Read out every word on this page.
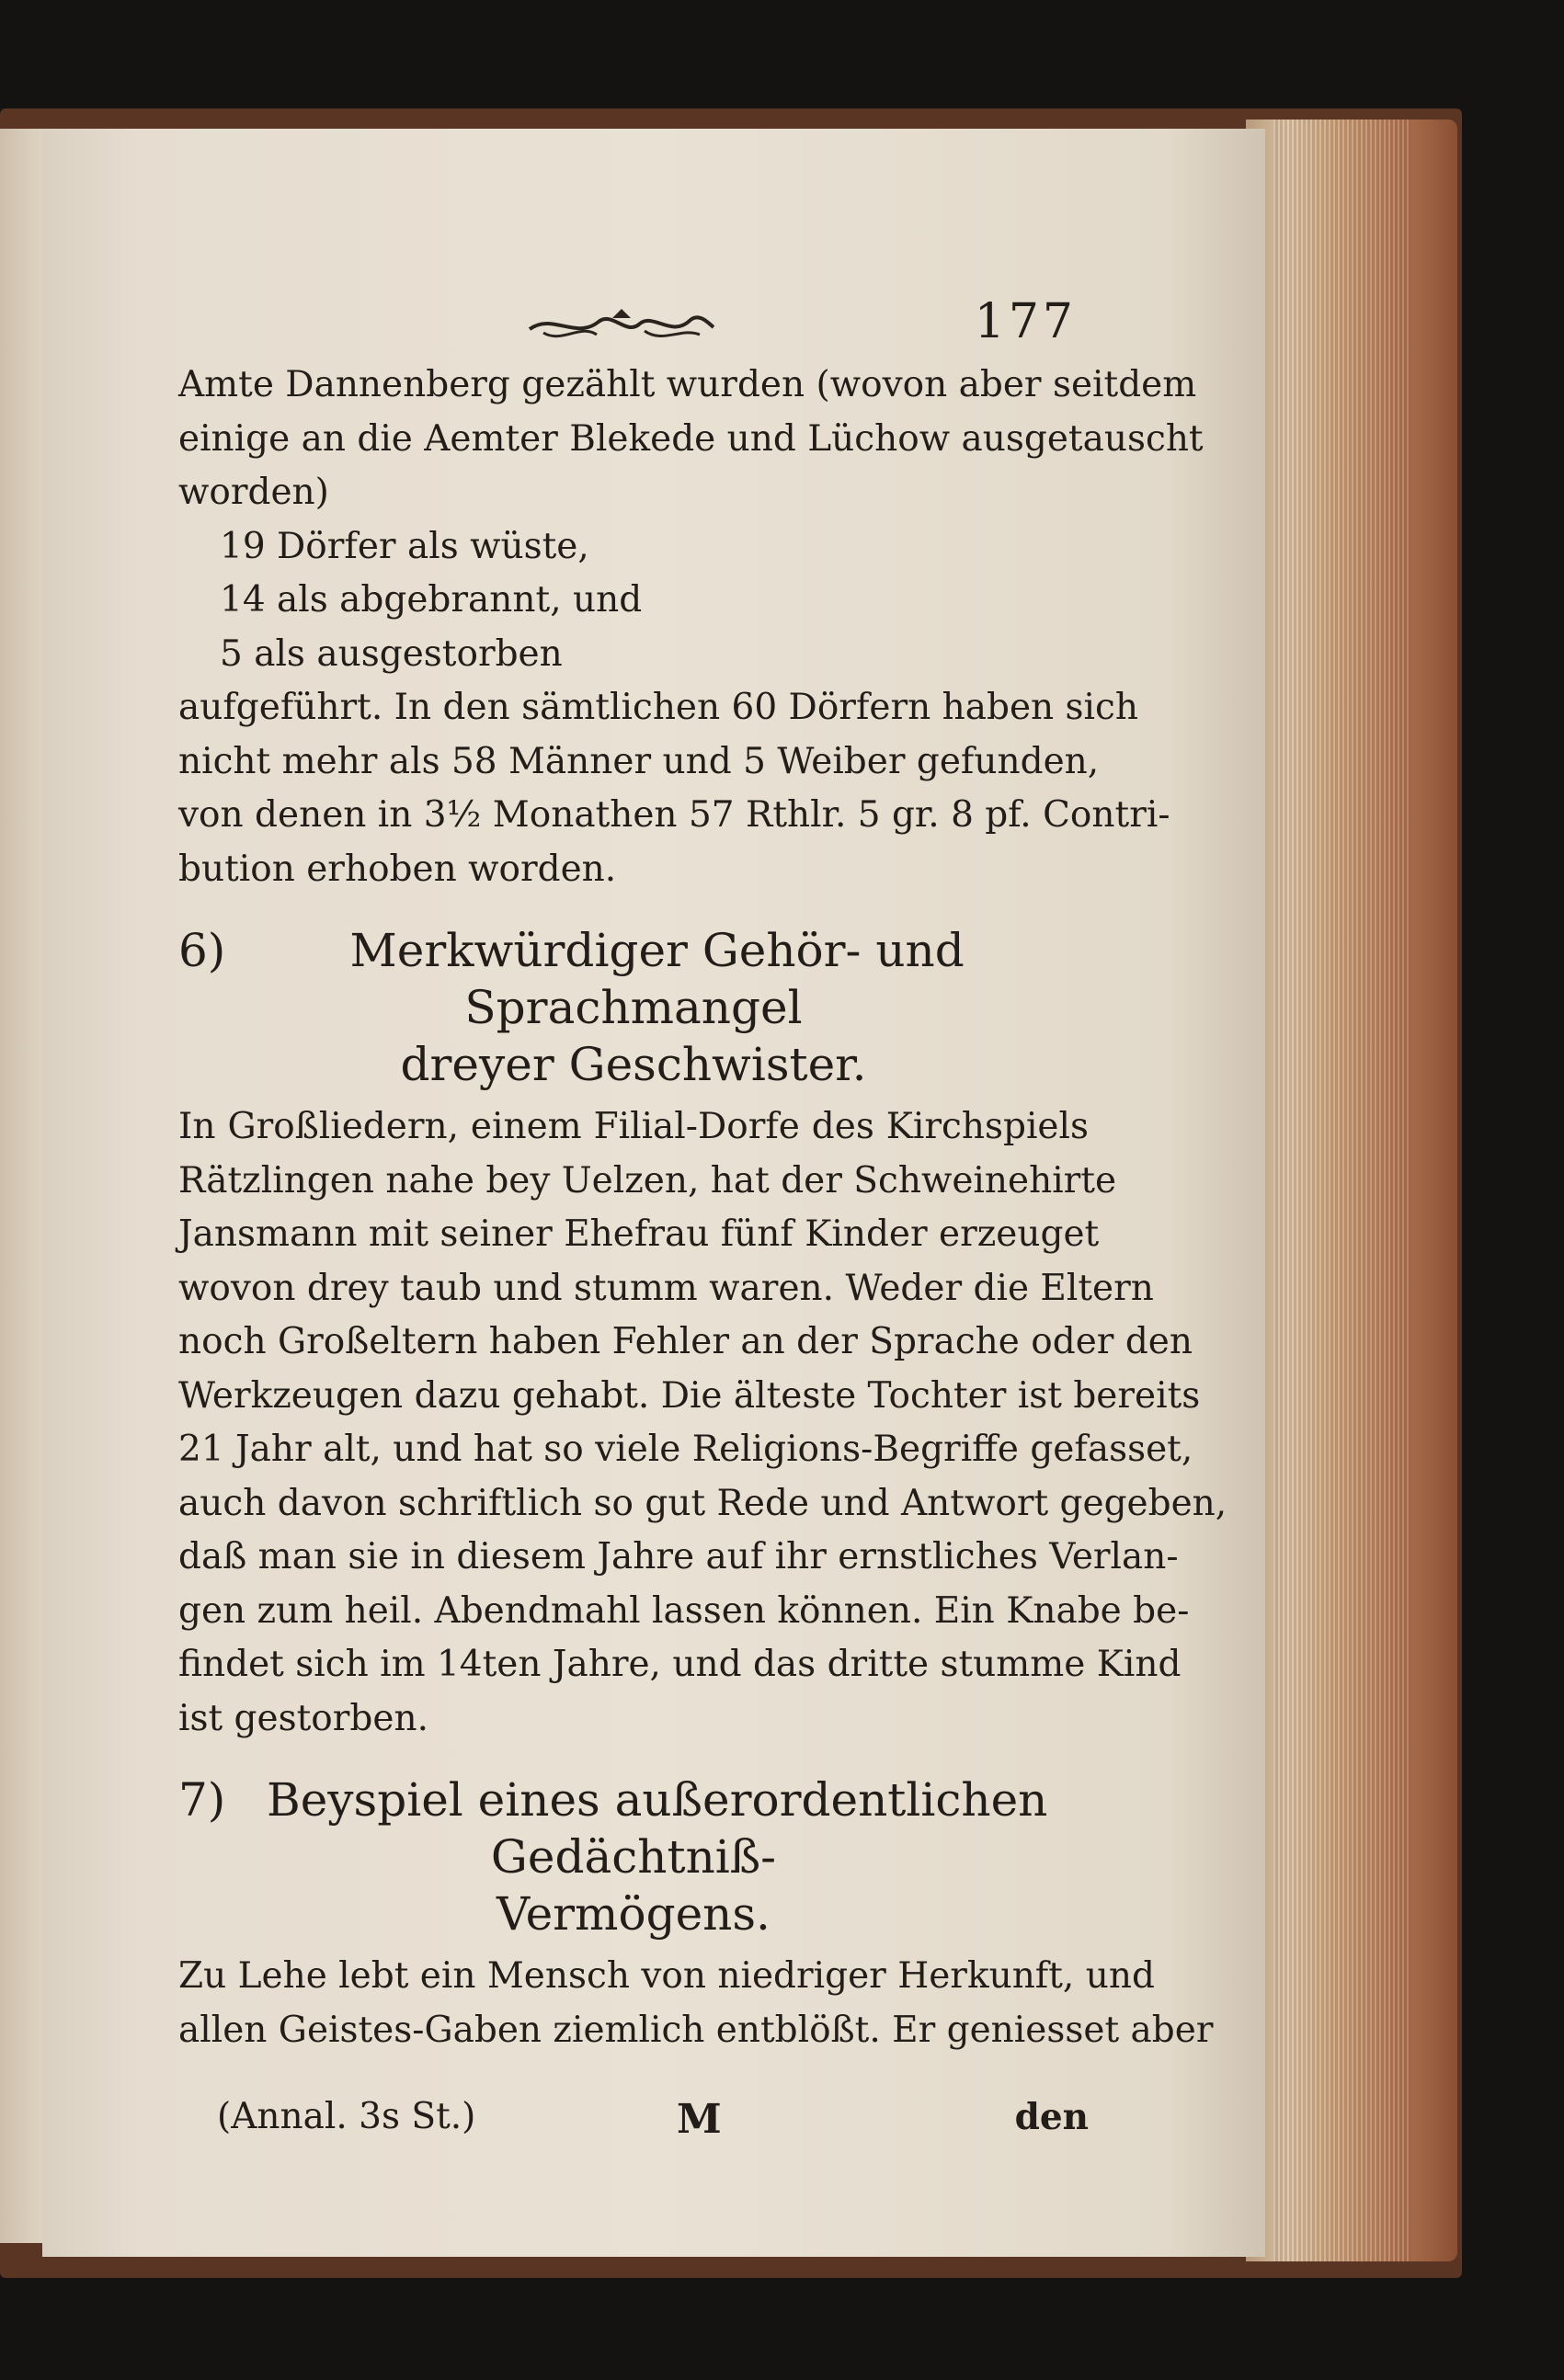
177
Amte Dannenberg gezählt wurden (wovon aber seitdem
einige an die Aemter Blekede und Lüchow ausgetauscht
worden)
19 Dörfer als wüste,
14 als abgebrannt, und
5 als ausgestorben
aufgeführt. In den sämtlichen 60 Dörfern haben sich
nicht mehr als 58 Männer und 5 Weiber gefunden,
von denen in 3½ Monathen 57 Rthlr. 5 gr. 8 pf. Contri-
bution erhoben worden.
6)	Merkwürdiger Gehör- und Sprachmangel
dreyer Geschwister.
In Großliedern, einem Filial-Dorfe des Kirchspiels
Rätzlingen nahe bey Uelzen, hat der Schweinehirte
Jansmann mit seiner Ehefrau fünf Kinder erzeuget
wovon drey taub und stumm waren. Weder die Eltern
noch Großeltern haben Fehler an der Sprache oder den
Werkzeugen dazu gehabt. Die älteste Tochter ist bereits
21 Jahr alt, und hat so viele Religions-Begriffe gefasset,
auch davon schriftlich so gut Rede und Antwort gegeben,
daß man sie in diesem Jahre auf ihr ernstliches Verlan-
gen zum heil. Abendmahl lassen können. Ein Knabe be-
findet sich im 14ten Jahre, und das dritte stumme Kind
ist gestorben.
7) Beyspiel eines außerordentlichen Gedächtniß-
Vermögens.
Zu Lehe lebt ein Mensch von niedriger Herkunft, und
allen Geistes-Gaben ziemlich entblößt. Er geniesset aber
(Annal. 3s St.)	M	den
